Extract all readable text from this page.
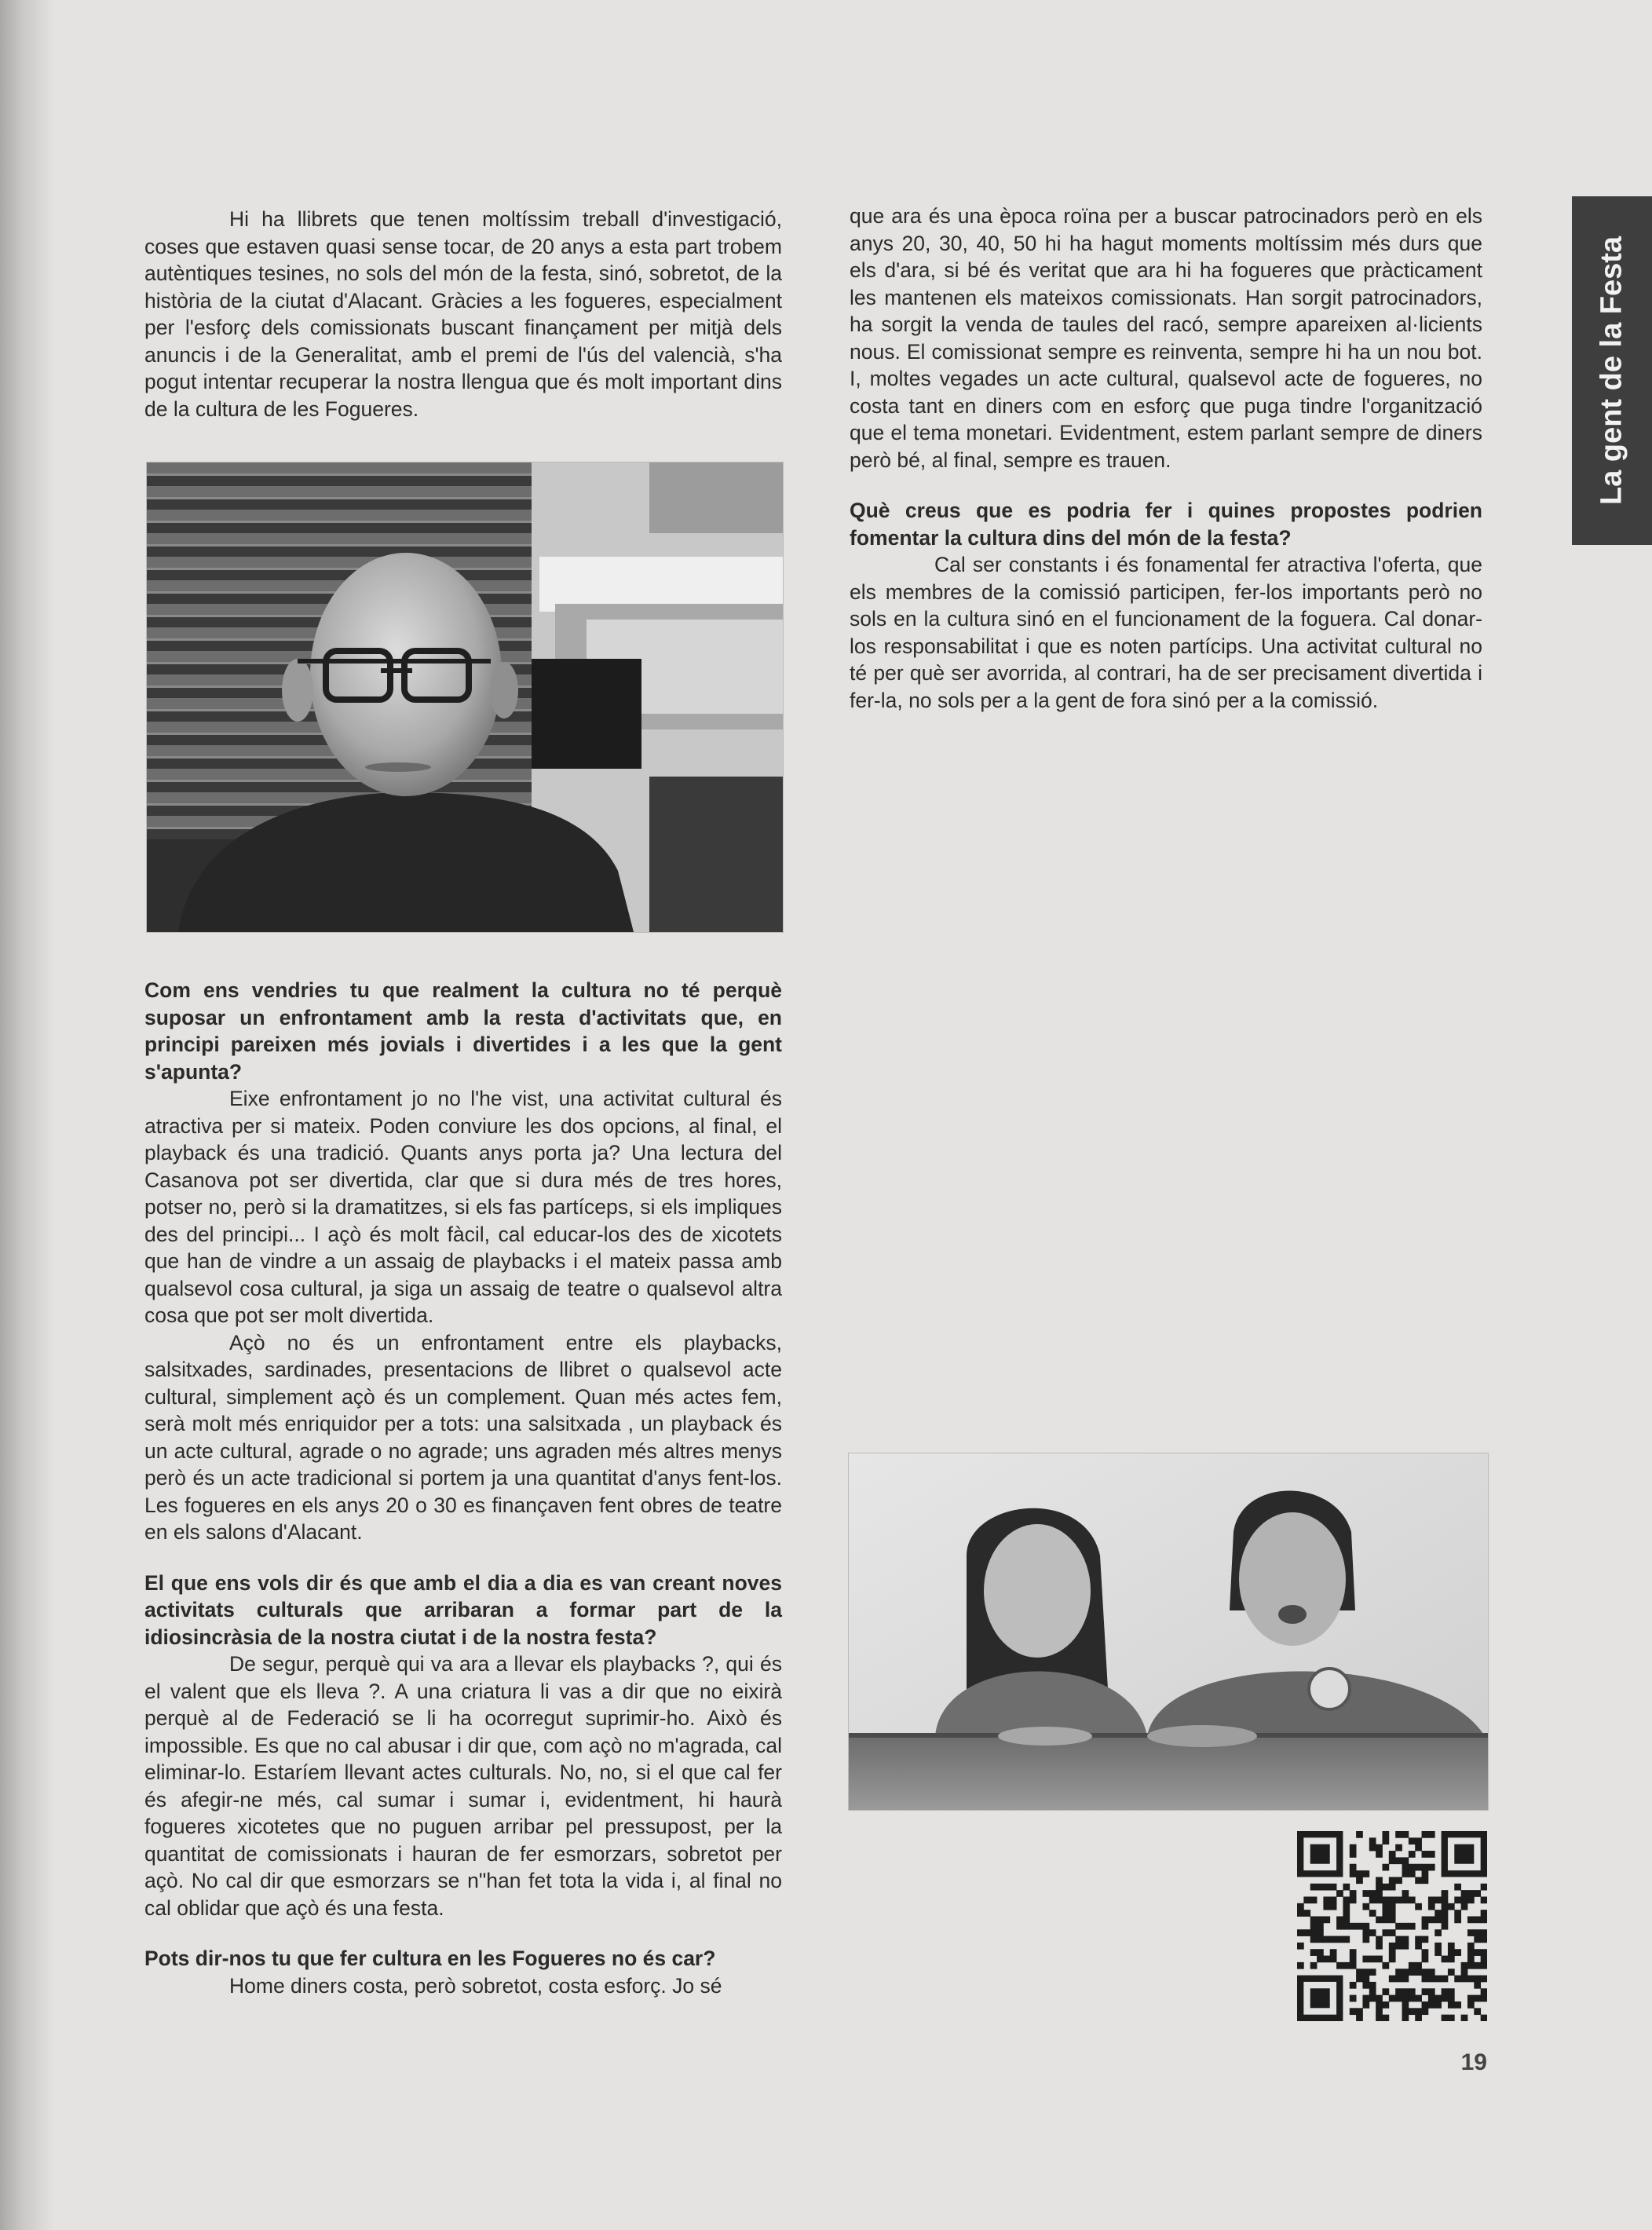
Hi ha llibrets que tenen moltíssim treball d'investigació, coses que estaven quasi sense tocar, de 20 anys a esta part trobem autèntiques tesines, no sols del món de la festa, sinó, sobretot, de la història de la ciutat d'Alacant. Gràcies a les fogueres, especialment per l'esforç dels comissionats buscant finançament per mitjà dels anuncis i de la Generalitat, amb el premi de l'ús del valencià, s'ha pogut intentar recuperar la nostra llengua que és molt important dins de la cultura de les Fogueres.

Com ens vendries tu que realment la cultura no té perquè suposar un enfrontament amb la resta d'activitats que, en principi pareixen més jovials i divertides i a les que la gent s'apunta?

Eixe enfrontament jo no l'he vist, una activitat cultural és atractiva per si mateix. Poden conviure les dos opcions, al final, el playback és una tradició. Quants anys porta ja? Una lectura del Casanova pot ser divertida, clar que si dura més de tres hores, potser no, però si la dramatitzes, si els fas partíceps, si els impliques des del principi... I açò és molt fàcil, cal educar-los des de xicotets que han de vindre a un assaig de playbacks i el mateix passa amb qualsevol cosa cultural, ja siga un assaig de teatre o qualsevol altra cosa que pot ser molt divertida.

Açò no és un enfrontament entre els playbacks, salsitxades, sardinades, presentacions de llibret o qualsevol acte cultural, simplement açò és un complement. Quan més actes fem, serà molt més enriquidor per a tots: una salsitxada , un playback és un acte cultural, agrade o no agrade; uns agraden més altres menys però és un acte tradicional si portem ja una quantitat d'anys fent-los. Les fogueres en els anys 20 o 30 es finançaven fent obres de teatre en els salons d'Alacant.

El que ens vols dir és que amb el dia a dia es van creant noves activitats culturals que arribaran a formar part de la idiosincràsia de la nostra ciutat i de la nostra festa?

De segur, perquè qui va ara a llevar els playbacks ?, qui és el valent que els lleva ?. A una criatura li vas a dir que no eixirà perquè al de Federació se li ha ocorregut suprimir-ho. Això és impossible. Es que no cal abusar i dir que, com açò no m'agrada, cal eliminar-lo. Estaríem llevant actes culturals. No, no, si el que cal fer és afegir-ne més, cal sumar i sumar i, evidentment, hi haurà fogueres xicotetes que no puguen arribar pel pressupost, per la quantitat de comissionats i hauran de fer esmorzars, sobretot per açò. No cal dir que esmorzars se n"han fet tota la vida i, al final no cal oblidar que açò és una festa.

Pots dir-nos tu que fer cultura en les Fogueres no és car?

Home diners costa, però sobretot, costa esforç. Jo sé

que ara és una època roïna per a buscar patrocinadors però en els anys 20, 30, 40, 50 hi ha hagut moments moltíssim més durs que els d'ara, si bé és veritat que ara hi ha fogueres que pràcticament les mantenen els mateixos comissionats. Han sorgit patrocinadors, ha sorgit la venda de taules del racó, sempre apareixen al·licients nous. El comissionat sempre es reinventa, sempre hi ha un nou bot. I, moltes vegades un acte cultural, qualsevol acte de fogueres, no costa tant en diners com en esforç que puga tindre l'organització que el tema monetari. Evidentment, estem parlant sempre de diners però bé, al final, sempre es trauen.

Què creus que es podria fer i quines propostes podrien fomentar la cultura dins del món de la festa?

Cal ser constants i és fonamental fer atractiva l'oferta, que els membres de la comissió participen, fer-los importants però no sols en la cultura sinó en el funcionament de la foguera. Cal donar-los responsabilitat i que es noten partícips. Una activitat cultural no té per què ser avorrida, al contrari, ha de ser precisament divertida i fer-la, no sols per a la gent de fora sinó per a la comissió.

La gent de la Festa
19
